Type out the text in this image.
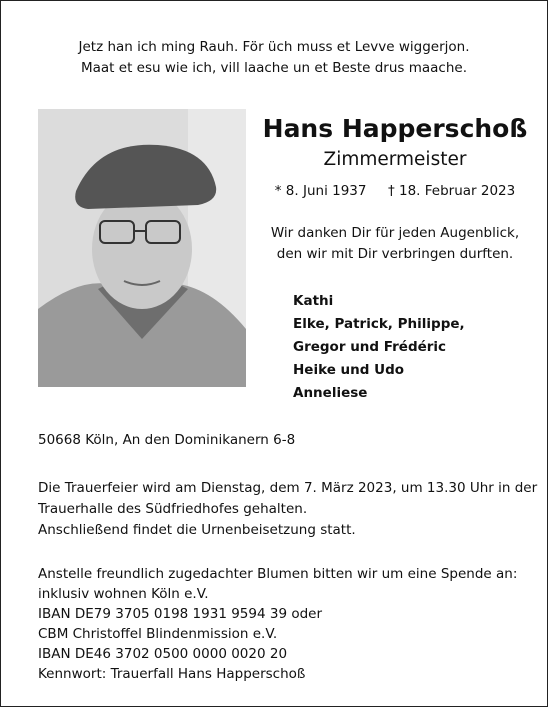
Jetz han ich ming Rauh. För üch muss et Levve wiggerjon.
Maat et esu wie ich, vill laache un et Beste drus maache.
Hans Happerschoß
Zimmermeister
* 8. Juni 1937 † 18. Februar 2023
Wir danken Dir für jeden Augenblick,
den wir mit Dir verbringen durften.
Kathi
Elke, Patrick, Philippe,
Gregor und Frédéric
Heike und Udo
Anneliese
50668 Köln, An den Dominikanern 6-8
Die Trauerfeier wird am Dienstag, dem 7. März 2023, um 13.30 Uhr in der
Trauerhalle des Südfriedhofes gehalten.
Anschließend findet die Urnenbeisetzung statt.
Anstelle freundlich zugedachter Blumen bitten wir um eine Spende an:
inklusiv wohnen Köln e.V.
IBAN DE79 3705 0198 1931 9594 39 oder
CBM Christoffel Blindenmission e.V.
IBAN DE46 3702 0500 0000 0020 20
Kennwort: Trauerfall Hans Happerschoß
